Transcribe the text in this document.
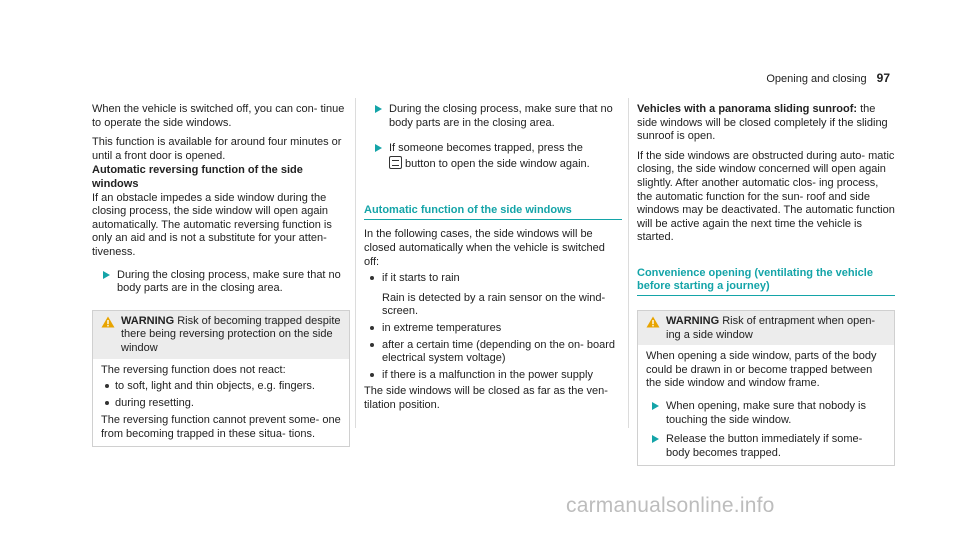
Opening and closing 97

When the vehicle is switched off, you can con- tinue to operate the side windows.

This function is available for around four minutes or until a front door is opened.

Automatic reversing function of the side windows

If an obstacle impedes a side window during the closing process, the side window will open again automatically. The automatic reversing function is only an aid and is not a substitute for your atten- tiveness.

During the closing process, make sure that no body parts are in the closing area.
WARNING Risk of becoming trapped despite there being reversing protection on the side window

The reversing function does not react:

to soft, light and thin objects, e.g. fingers.
during resetting.

The reversing function cannot prevent some- one from becoming trapped in these situa- tions.

During the closing process, make sure that no body parts are in the closing area.
If someone becomes trapped, press the
button to open the side window again.
Automatic function of the side windows

In the following cases, the side windows will be closed automatically when the vehicle is switched off:

if it starts to rain

Rain is detected by a rain sensor on the wind- screen.

in extreme temperatures
after a certain time (depending on the on- board electrical system voltage)
if there is a malfunction in the power supply

The side windows will be closed as far as the ven- tilation position.

Vehicles with a panorama sliding sunroof: the side windows will be closed completely if the sliding sunroof is open.

If the side windows are obstructed during auto- matic closing, the side window concerned will open again slightly. After another automatic clos- ing process, the automatic function for the sun- roof and side windows may be deactivated. The automatic function will be active again the next time the vehicle is started.

Convenience opening (ventilating the vehicle before starting a journey)
WARNING Risk of entrapment when open- ing a side window

When opening a side window, parts of the body could be drawn in or become trapped between the side window and window frame.

When opening, make sure that nobody is touching the side window.
Release the button immediately if some- body becomes trapped.
carmanualsonline.info
